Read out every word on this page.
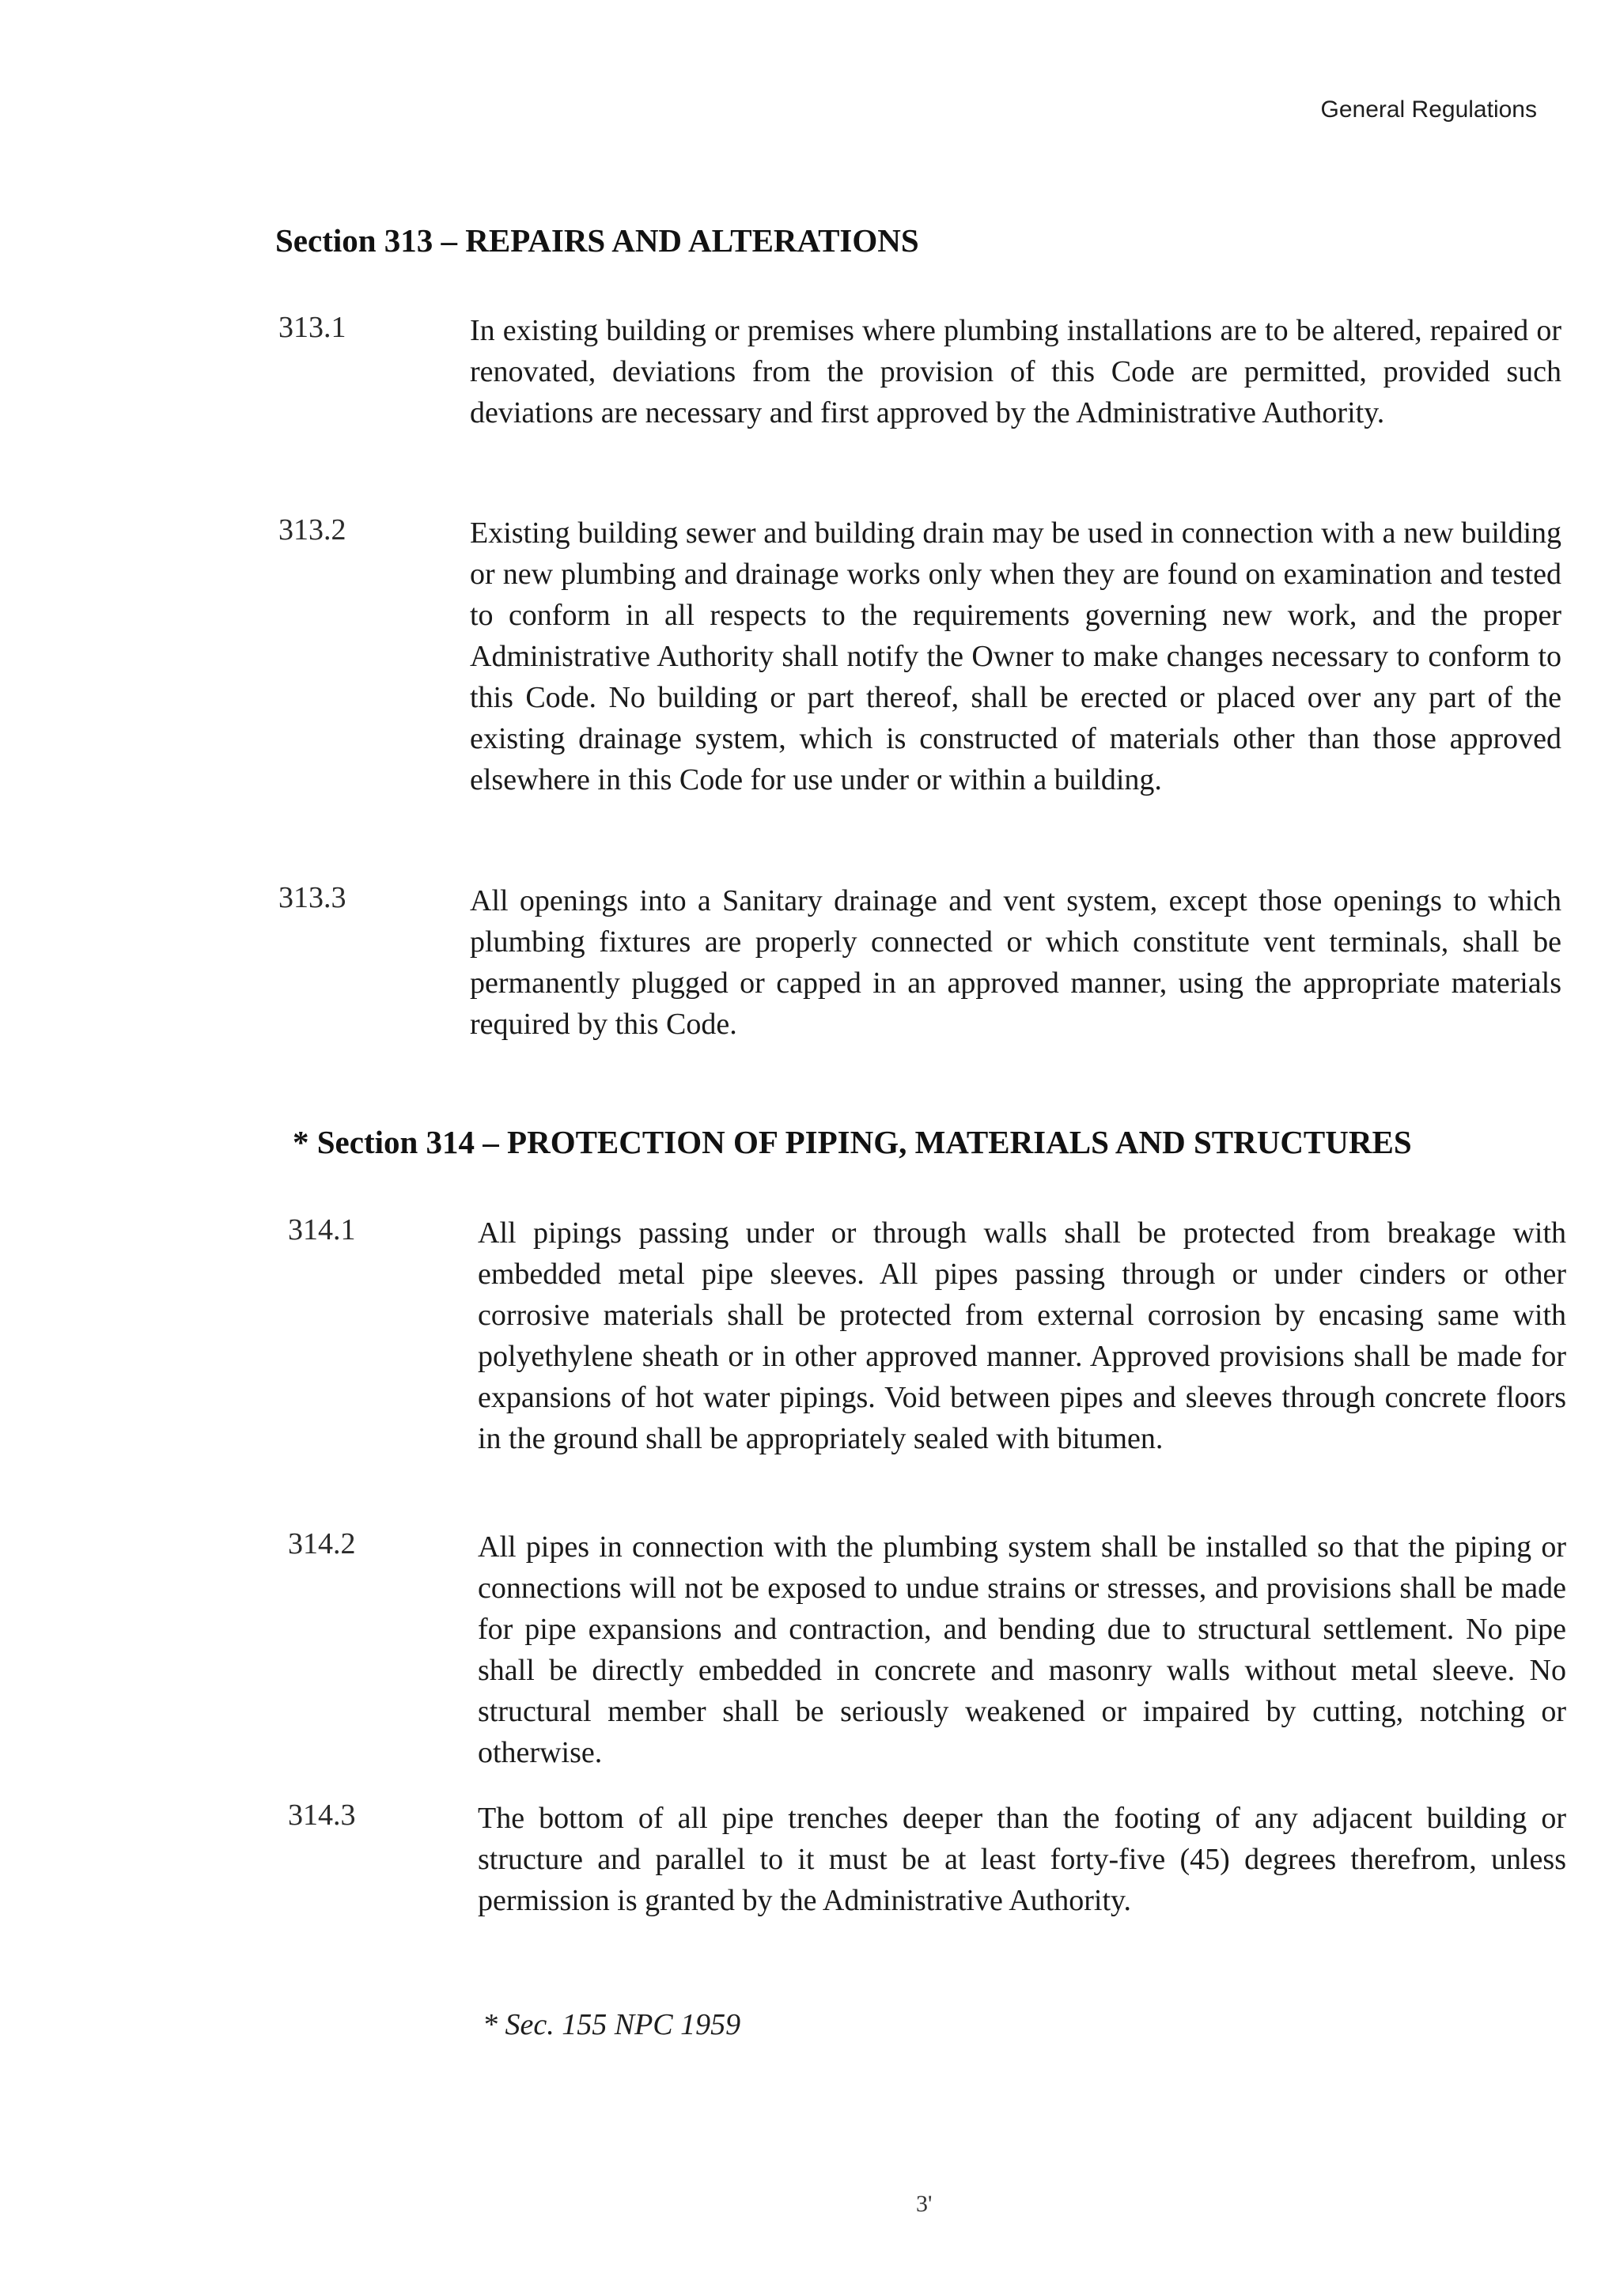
General Regulations
Section 313 – REPAIRS AND ALTERATIONS
313.1	In existing building or premises where plumbing installations are to be altered, repaired or renovated, deviations from the provision of this Code are permitted, provided such deviations are necessary and first approved by the Administrative Authority.
313.2	Existing building sewer and building drain may be used in connection with a new building or new plumbing and drainage works only when they are found on examination and tested to conform in all respects to the requirements governing new work, and the proper Administrative Authority shall notify the Owner to make changes necessary to conform to this Code. No building or part thereof, shall be erected or placed over any part of the existing drainage system, which is constructed of materials other than those approved elsewhere in this Code for use under or within a building.
313.3	All openings into a Sanitary drainage and vent system, except those openings to which plumbing fixtures are properly connected or which constitute vent terminals, shall be permanently plugged or capped in an approved manner, using the appropriate materials required by this Code.
* Section 314 – PROTECTION OF PIPING, MATERIALS AND STRUCTURES
314.1	All pipings passing under or through walls shall be protected from breakage with embedded metal pipe sleeves. All pipes passing through or under cinders or other corrosive materials shall be protected from external corrosion by encasing same with polyethylene sheath or in other approved manner. Approved provisions shall be made for expansions of hot water pipings. Void between pipes and sleeves through concrete floors in the ground shall be appropriately sealed with bitumen.
314.2	All pipes in connection with the plumbing system shall be installed so that the piping or connections will not be exposed to undue strains or stresses, and provisions shall be made for pipe expansions and contraction, and bending due to structural settlement. No pipe shall be directly embedded in concrete and masonry walls without metal sleeve. No structural member shall be seriously weakened or impaired by cutting, notching or otherwise.
314.3	The bottom of all pipe trenches deeper than the footing of any adjacent building or structure and parallel to it must be at least forty-five (45) degrees therefrom, unless permission is granted by the Administrative Authority.
* Sec. 155 NPC 1959
3'
